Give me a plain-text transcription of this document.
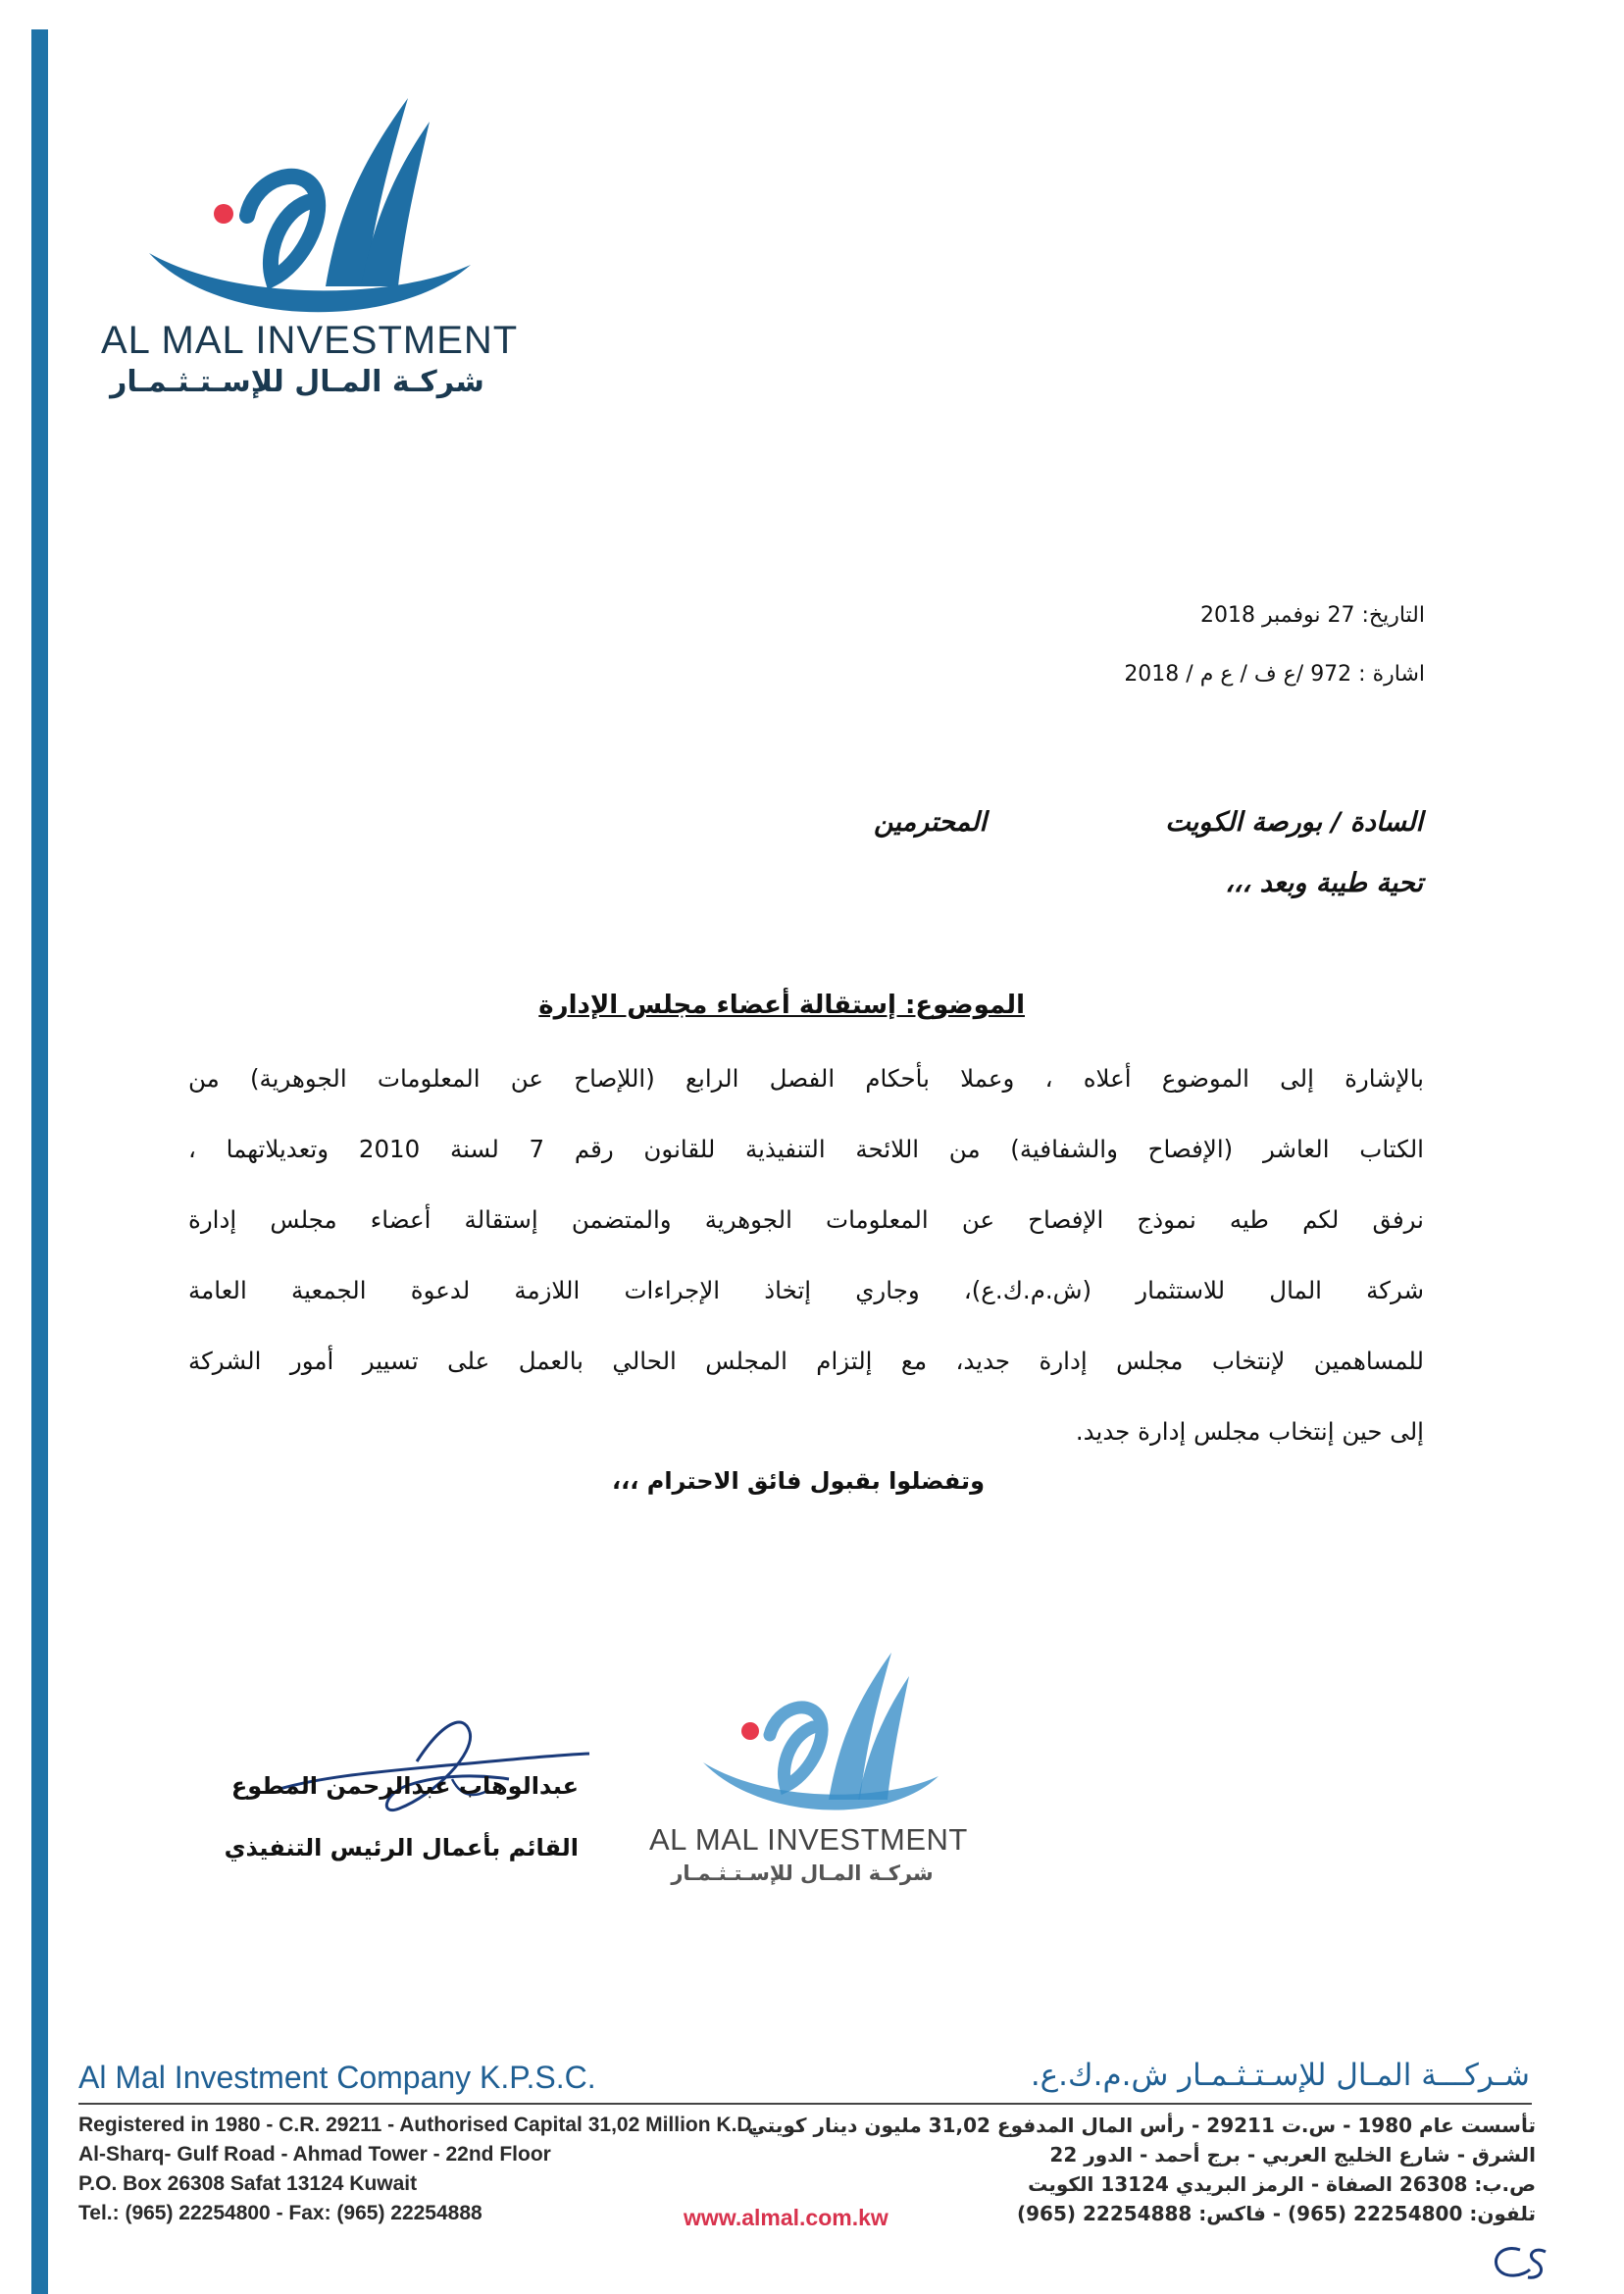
AL MAL INVESTMENT
شركـة المـال للإسـتـثـمـار
التاريخ: 27 نوفمبر 2018
اشارة : 972 /ع ف / ع م / 2018
السادة / بورصة الكويت
المحترمين
تحية طيبة وبعد ،،،
الموضوع: إستقالة أعضاء مجلس الإدارة
بالإشارة إلى الموضوع أعلاه ، وعملا بأحكام الفصل الرابع (اللإصاح عن المعلومات الجوهرية) من
الكتاب العاشر (الإفصاح والشفافية) من اللائحة التنفيذية للقانون رقم 7 لسنة 2010 وتعديلاتهما ،
نرفق لكم طيه نموذج الإفصاح عن المعلومات الجوهرية والمتضمن إستقالة أعضاء مجلس إدارة
شركة المال للاستثمار (ش.م.ك.ع)، وجاري إتخاذ الإجراءات اللازمة لدعوة الجمعية العامة
للمساهمين لإنتخاب مجلس إدارة جديد، مع إلتزام المجلس الحالي بالعمل على تسيير أمور الشركة
إلى حين إنتخاب مجلس إدارة جديد.
وتفضلوا بقبول فائق الاحترام ،،،
عبدالوهاب عبدالرحمن المطوع
القائم بأعمال الرئيس التنفيذي AL MAL INVESTMENT
شركـة المـال للإسـتـثـمـار
Al Mal Investment Company K.P.S.C.	شـركـــة المـال للإسـتـثـمـار ش.م.ك.ع.
Registered in 1980 - C.R. 29211 - Authorised Capital 31,02 Million K.D.
Al-Sharq- Gulf Road - Ahmad Tower - 22nd Floor
P.O. Box 26308 Safat 13124 Kuwait
Tel.: (965) 22254800 - Fax: (965) 22254888
تأسست عام 1980 - س.ت 29211 - رأس المال المدفوع 31,02 مليون دينار كويتي
الشرق - شارع الخليج العربي - برج أحمد - الدور 22
ص.ب: 26308 الصفاة - الرمز البريدي 13124 الكويت
تلفون: 22254800 (965) - فاكس: 22254888 (965)
www.almal.com.kw
